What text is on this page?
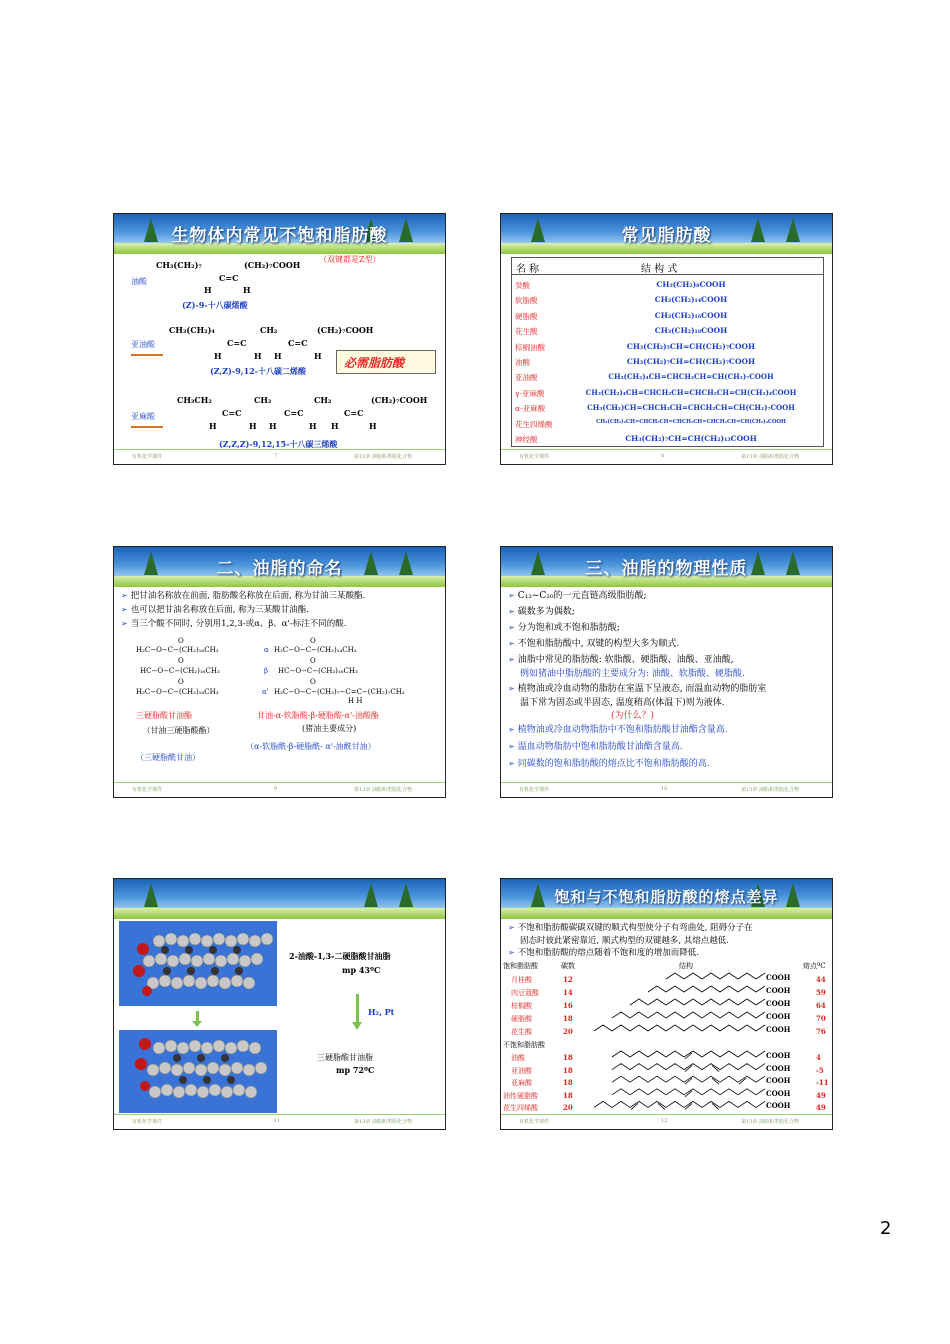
生物体内常见不饱和脂肪酸
CH₃(CH₂)₇	(CH₂)₇COOH
（双键都是Z型）
C=C
H	H
油酸
(Z)-9-十八碳烯酸
CH₃(CH₂)₄	CH₂	(CH₂)₇COOH
C=C	C=C
H	H H	H
亚油酸
(Z,Z)-9,12-十八碳二烯酸
必需脂肪酸
CH₃CH₂	CH₂	CH₂	(CH₂)₇COOH
C=C	C=C	C=C
H	H H	H H	H
亚麻酸
(Z,Z,Z)-9,12,15-十八碳三烯酸
有机化学课件	7	第13章 油脂和类脂化合物
常见脂肪酸
名 称	结 构 式
癸酸	CH₃(CH₂)₈COOH
软脂酸	CH₃(CH₂)₁₄COOH
硬脂酸	CH₃(CH₂)₁₆COOH
花生酸	CH₃(CH₂)₁₈COOH
棕榈油酸	CH₃(CH₂)₅CH=CH(CH₂)₇COOH
油酸	CH₃(CH₂)₇CH=CH(CH₂)₇COOH
亚油酸	CH₃(CH₂)₄CH=CHCH₂CH=CH(CH₂)₇COOH
γ-亚麻酸	CH₃(CH₂)₄CH=CHCH₂CH=CHCH₂CH=CH(CH₂)₄COOH
α-亚麻酸	CH₃(CH₂)CH=CHCH₂CH=CHCH₂CH=CH(CH₂)₇COOH
花生四烯酸	CH₃(CH₂)₄CH=CHCH₂CH=CHCH₂CH=CHCH₂CH=CH(CH₂)₃COOH
神经酸	CH₃(CH₂)₇CH=CH(CH₂)₁₃COOH
有机化学课件	8	第13章 油脂和类脂化合物
二、油脂的命名
➢ 把甘油名称放在前面, 脂肪酸名称放在后面, 称为甘油三某酸酯.
➢ 也可以把甘油名称放在后面, 称为三某酸甘油酯.
➢ 当三个酸不同时, 分别用1,2,3-或α、β、α'-标注不同的酸.
O
H₂C−O−C−(CH₂)₁₆CH₃
O
HC−O−C−(CH₂)₁₆CH₃
O
H₂C−O−C−(CH₂)₁₆CH₃
O
α H₂C−O−C−(CH₂)₁₄CH₃
O
β HC−O−C−(CH₂)₁₆CH₃
O
α' H₂C−O−C−(CH₂)₇−C=C−(CH₂)₇CH₃
H H
三硬脂酸甘油酯
（甘油三硬脂酸酯）
（三硬脂酰甘油）
甘油-α-软脂酸-β-硬脂酸-α'-油酸酯
(猪油主要成分)
（α-软脂酰-β-硬脂酰- α'-油酰甘油）
有机化学课件	9	第13章 油脂和类脂化合物
三、油脂的物理性质
➢ C₁₂~C₂₀的一元直链高级脂肪酸;
➢ 碳数多为偶数;
➢ 分为饱和或不饱和脂肪酸;
➢ 不饱和脂肪酸中, 双键的构型大多为顺式.
➢ 油脂中常见的脂肪酸: 软脂酸、硬脂酸、油酸、亚油酸,
例如猪油中脂肪酸的主要成分为: 油酸、软脂酸、硬脂酸.
➢ 植物油或冷血动物的脂肪在室温下呈液态, 而温血动物的脂肪室
温下常为固态或半固态, 温度稍高(体温下)则为液体.
(为什么？)
➢ 植物油或冷血动物脂肪中不饱和脂肪酸甘油酯含量高.
➢ 温血动物脂肪中饱和脂肪酸甘油酯含量高.
➢ 同碳数的饱和脂肪酸的熔点比不饱和脂肪酸的高.
有机化学课件	10	第13章 油脂和类脂化合物
2-油酸-1,3-二硬脂酸甘油脂
mp 43ºC
H₂, Pt
三硬脂酸甘油脂
mp 72ºC
有机化学课件	11	第13章 油脂和类脂化合物
饱和与不饱和脂肪酸的熔点差异
➢ 不饱和脂肪酸碳碳双键的顺式构型使分子有弯曲处, 阻碍分子在
固态时彼此紧密靠近, 顺式构型的双键越多, 其熔点越低.
➢ 不饱和脂肪酸的熔点随着不饱和度的增加而降低.
饱和脂肪酸	碳数	结构	熔点ºC
不饱和脂肪酸
月桂酸	12	44
COOH
肉豆蔻酸	14	59
COOH
棕榈酸	16	64
COOH
硬脂酸	18	70
COOH
花生酸	20	76
COOH
油酸	18	4
COOH
亚油酸	18	-5
COOH
亚麻酸	18	-11
COOH
油性硬脂酸	18	49
COOH
花生四烯酸	20	49
COOH
有机化学课件	12	第13章 油脂和类脂化合物
2
